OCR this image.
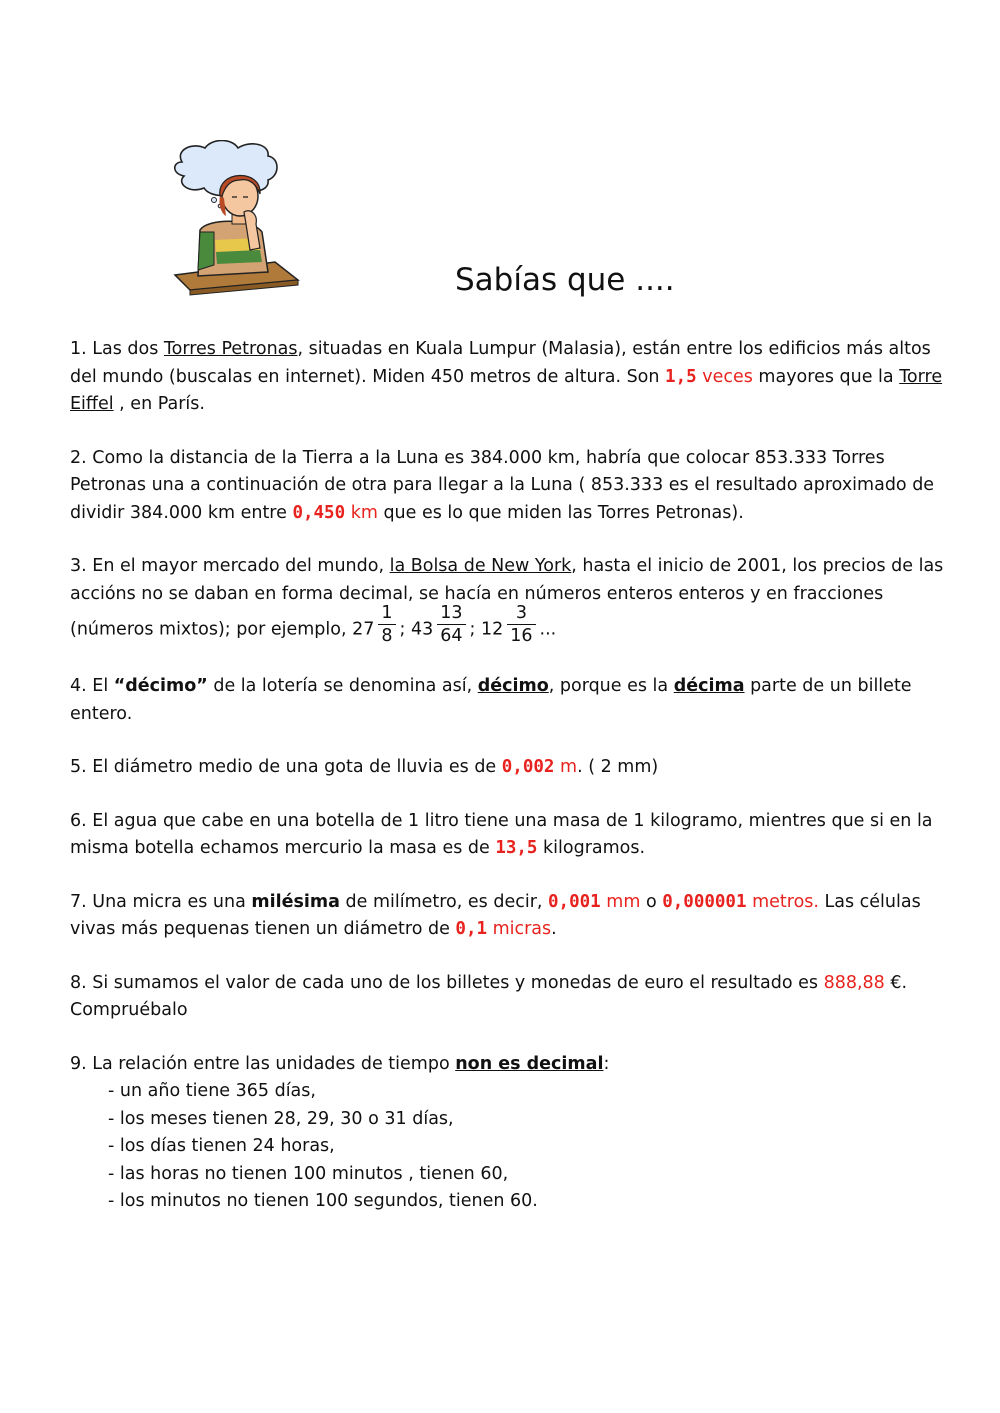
Sabías que ....
1. Las dos Torres Petronas, situadas en Kuala Lumpur (Malasia), están entre los edificios más altos del mundo (buscalas en internet). Miden 450 metros de altura. Son 1,5 veces mayores que la Torre Eiffel , en París.
2. Como la distancia de la Tierra a la Luna es 384.000 km, habría que colocar 853.333 Torres Petronas una a continuación de otra para llegar a la Luna ( 853.333 es el resultado aproximado de dividir 384.000 km entre 0,450 km que es lo que miden las Torres Petronas).
3. En el mayor mercado del mundo, la Bolsa de New York, hasta el inicio de 2001, los precios de las accións no se daban en forma decimal, se hacía en números enteros enteros y en fracciones
(números mixtos); por ejemplo, $27 \frac{1}{8}$ ; $43 \frac{13}{64}$ ; $12 \frac{3}{16}$ ...
4. El “décimo” de la lotería se denomina así, décimo, porque es la décima parte de un billete entero.
5. El diámetro medio de una gota de lluvia es de 0,002 m. ( 2 mm)
6. El agua que cabe en una botella de 1 litro tiene una masa de 1 kilogramo, mientres que si en la misma botella echamos mercurio la masa es de 13,5 kilogramos.
7. Una micra es una milésima de milímetro, es decir, 0,001 mm o 0,000001 metros. Las células vivas más pequenas tienen un diámetro de 0,1 micras.
8. Si sumamos el valor de cada uno de los billetes y monedas de euro el resultado es 888,88 €. Compruébalo
9. La relación entre las unidades de tiempo non es decimal:
- un año tiene 365 días,
- los meses tienen 28, 29, 30 o 31 días,
- los días tienen 24 horas,
- las horas no tienen 100 minutos , tienen 60,
- los minutos no tienen 100 segundos, tienen 60.
